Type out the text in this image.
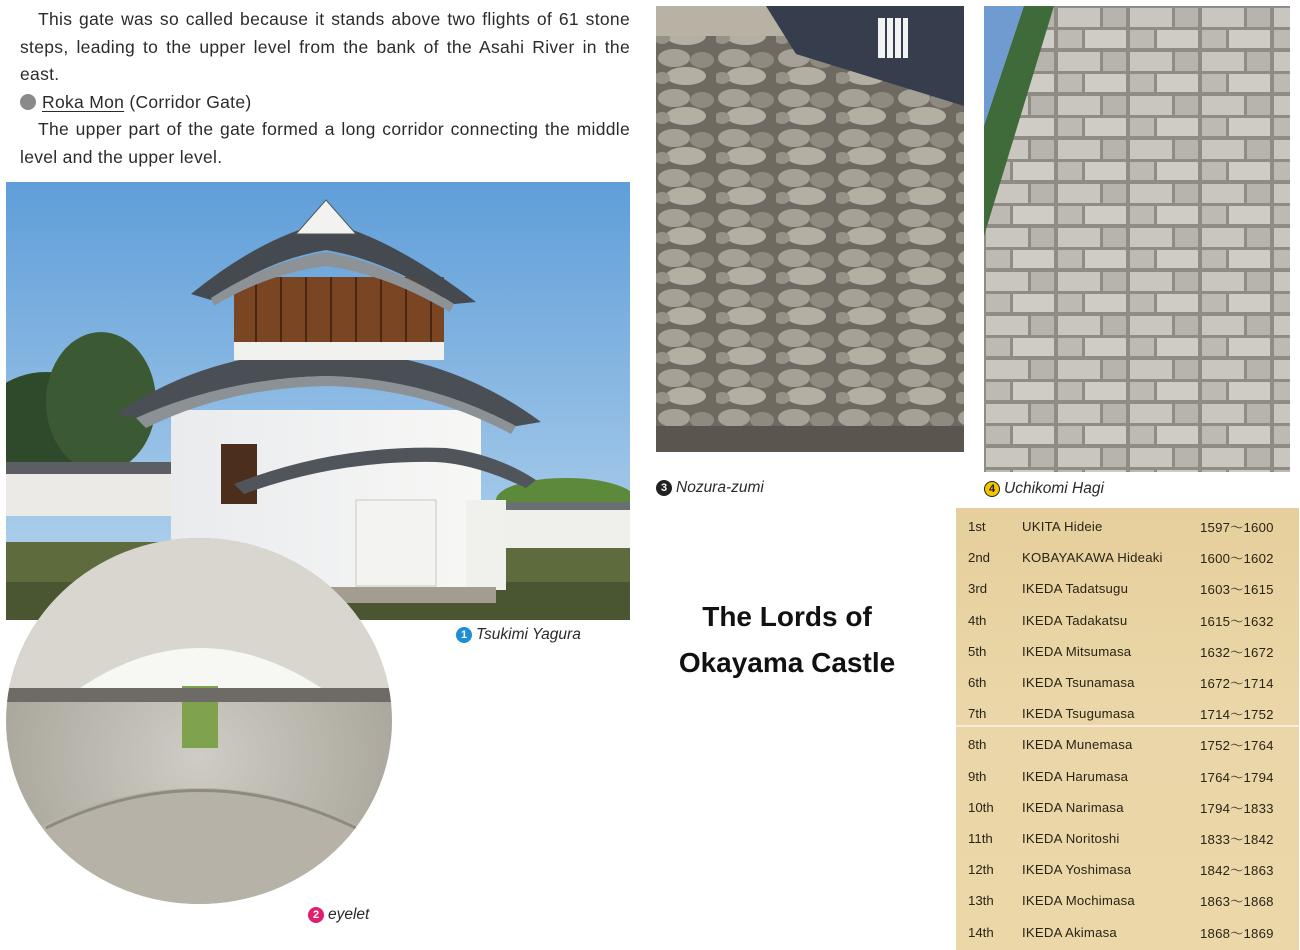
This gate was so called because it stands above two flights of 61 stone steps, leading to the upper level from the bank of the Asahi River in the east.

Roka Mon (Corridor Gate)

The upper part of the gate formed a long corridor connecting the middle level and the upper level.

1 Tsukimi Yagura
2 eyelet
3 Nozura-zumi	4 Uchikomi Hagi
The Lords of
Okayama Castle
1st	UKITA Hideie	1597～1600
2nd	KOBAYAKAWA Hideaki	1600～1602
3rd	IKEDA Tadatsugu	1603～1615
4th	IKEDA Tadakatsu	1615～1632
5th	IKEDA Mitsumasa	1632～1672
6th	IKEDA Tsunamasa	1672～1714
7th	IKEDA Tsugumasa	1714～1752
8th	IKEDA Munemasa	1752～1764
9th	IKEDA Harumasa	1764～1794
10th	IKEDA Narimasa	1794～1833
11th	IKEDA Noritoshi	1833～1842
12th	IKEDA Yoshimasa	1842～1863
13th	IKEDA Mochimasa	1863～1868
14th	IKEDA Akimasa	1868～1869
